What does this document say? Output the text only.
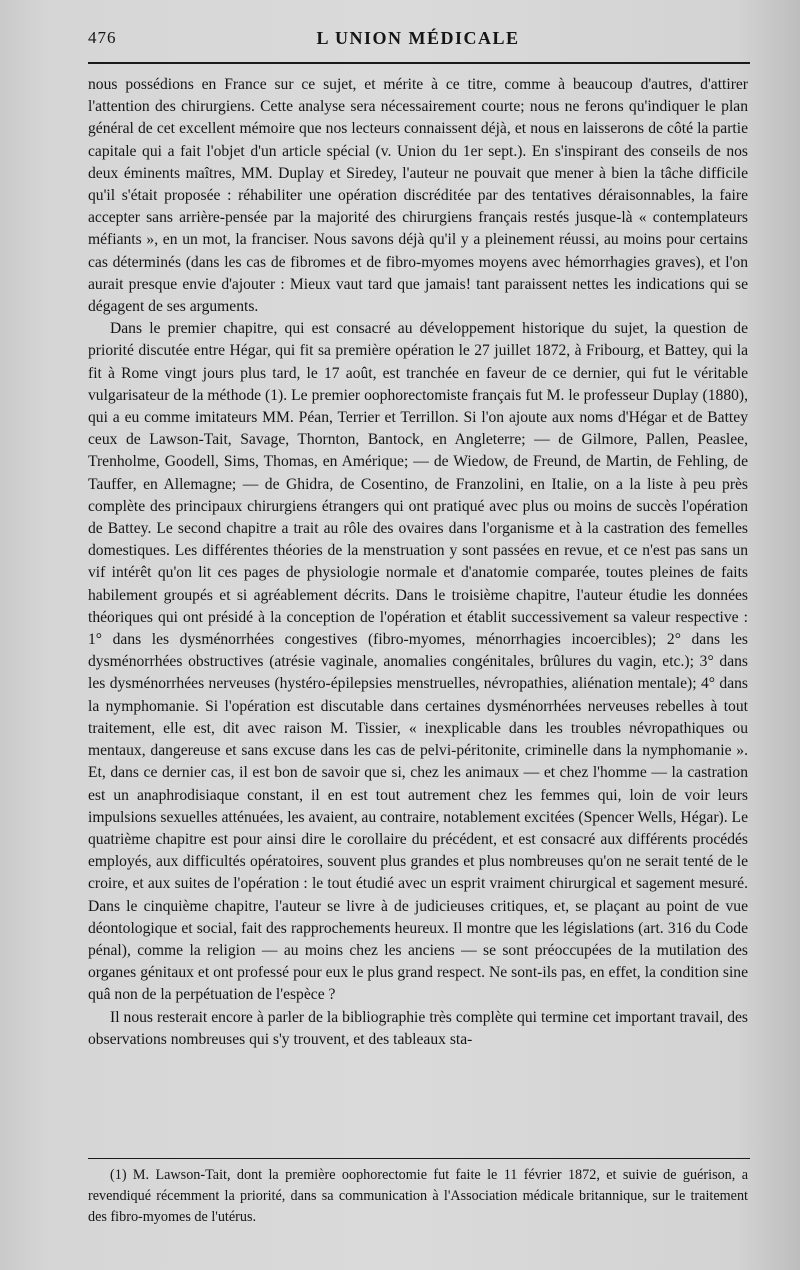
476	L UNION MÉDICALE

nous possédions en France sur ce sujet, et mérite à ce titre, comme à beaucoup d'autres, d'attirer l'attention des chirurgiens. Cette analyse sera nécessairement courte; nous ne ferons qu'indiquer le plan général de cet excellent mémoire que nos lecteurs connaissent déjà, et nous en laisserons de côté la partie capitale qui a fait l'objet d'un article spécial (v. Union du 1er sept.). En s'inspirant des conseils de nos deux éminents maîtres, MM. Duplay et Siredey, l'auteur ne pouvait que mener à bien la tâche difficile qu'il s'était proposée : réhabiliter une opération discréditée par des tentatives déraisonnables, la faire accepter sans arrière-pensée par la majorité des chirurgiens français restés jusque-là « contemplateurs méfiants », en un mot, la franciser. Nous savons déjà qu'il y a pleinement réussi, au moins pour certains cas déterminés (dans les cas de fibromes et de fibro-myomes moyens avec hémorrhagies graves), et l'on aurait presque envie d'ajouter : Mieux vaut tard que jamais! tant paraissent nettes les indications qui se dégagent de ses arguments.

Dans le premier chapitre, qui est consacré au développement historique du sujet, la question de priorité discutée entre Hégar, qui fit sa première opération le 27 juillet 1872, à Fribourg, et Battey, qui la fit à Rome vingt jours plus tard, le 17 août, est tranchée en faveur de ce dernier, qui fut le véritable vulgarisateur de la méthode (1). Le premier oophorectomiste français fut M. le professeur Duplay (1880), qui a eu comme imitateurs MM. Péan, Terrier et Terrillon. Si l'on ajoute aux noms d'Hégar et de Battey ceux de Lawson-Tait, Savage, Thornton, Bantock, en Angleterre; — de Gilmore, Pallen, Peaslee, Trenholme, Goodell, Sims, Thomas, en Amérique; — de Wiedow, de Freund, de Martin, de Fehling, de Tauffer, en Allemagne; — de Ghidra, de Cosentino, de Franzolini, en Italie, on a la liste à peu près complète des principaux chirurgiens étrangers qui ont pratiqué avec plus ou moins de succès l'opération de Battey. Le second chapitre a trait au rôle des ovaires dans l'organisme et à la castration des femelles domestiques. Les différentes théories de la menstruation y sont passées en revue, et ce n'est pas sans un vif intérêt qu'on lit ces pages de physiologie normale et d'anatomie comparée, toutes pleines de faits habilement groupés et si agréablement décrits. Dans le troisième chapitre, l'auteur étudie les données théoriques qui ont présidé à la conception de l'opération et établit successivement sa valeur respective : 1° dans les dysménorrhées congestives (fibro-myomes, ménorrhagies incoercibles); 2° dans les dysménorrhées obstructives (atrésie vaginale, anomalies congénitales, brûlures du vagin, etc.); 3° dans les dysménorrhées nerveuses (hystéro-épilepsies menstruelles, névropathies, aliénation mentale); 4° dans la nymphomanie. Si l'opération est discutable dans certaines dysménorrhées nerveuses rebelles à tout traitement, elle est, dit avec raison M. Tissier, « inexplicable dans les troubles névropathiques ou mentaux, dangereuse et sans excuse dans les cas de pelvi-péritonite, criminelle dans la nymphomanie ». Et, dans ce dernier cas, il est bon de savoir que si, chez les animaux — et chez l'homme — la castration est un anaphrodisiaque constant, il en est tout autrement chez les femmes qui, loin de voir leurs impulsions sexuelles atténuées, les avaient, au contraire, notablement excitées (Spencer Wells, Hégar). Le quatrième chapitre est pour ainsi dire le corollaire du précédent, et est consacré aux différents procédés employés, aux difficultés opératoires, souvent plus grandes et plus nombreuses qu'on ne serait tenté de le croire, et aux suites de l'opération : le tout étudié avec un esprit vraiment chirurgical et sagement mesuré. Dans le cinquième chapitre, l'auteur se livre à de judicieuses critiques, et, se plaçant au point de vue déontologique et social, fait des rapprochements heureux. Il montre que les législations (art. 316 du Code pénal), comme la religion — au moins chez les anciens — se sont préoccupées de la mutilation des organes génitaux et ont professé pour eux le plus grand respect. Ne sont-ils pas, en effet, la condition sine quâ non de la perpétuation de l'espèce ?

Il nous resterait encore à parler de la bibliographie très complète qui termine cet important travail, des observations nombreuses qui s'y trouvent, et des tableaux sta-

(1) M. Lawson-Tait, dont la première oophorectomie fut faite le 11 février 1872, et suivie de guérison, a revendiqué récemment la priorité, dans sa communication à l'Association médicale britannique, sur le traitement des fibro-myomes de l'utérus.
